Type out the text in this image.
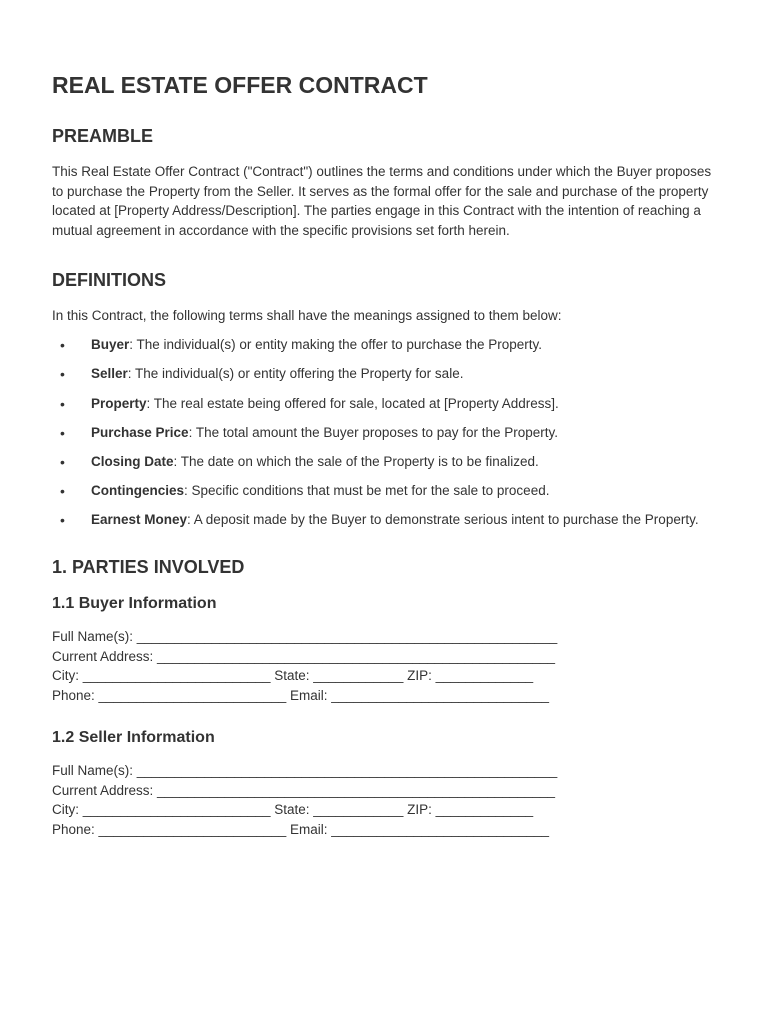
REAL ESTATE OFFER CONTRACT
PREAMBLE

This Real Estate Offer Contract ("Contract") outlines the terms and conditions under which the Buyer proposes to purchase the Property from the Seller. It serves as the formal offer for the sale and purchase of the property located at [Property Address/Description]. The parties engage in this Contract with the intention of reaching a mutual agreement in accordance with the specific provisions set forth herein.

DEFINITIONS

In this Contract, the following terms shall have the meanings assigned to them below:

• Buyer: The individual(s) or entity making the offer to purchase the Property.
• Seller: The individual(s) or entity offering the Property for sale.
• Property: The real estate being offered for sale, located at [Property Address].
• Purchase Price: The total amount the Buyer proposes to pay for the Property.
• Closing Date: The date on which the sale of the Property is to be finalized.
• Contingencies: Specific conditions that must be met for the sale to proceed.
• Earnest Money: A deposit made by the Buyer to demonstrate serious intent to purchase the Property.
1. PARTIES INVOLVED
1.1 Buyer Information
Full Name(s): ________________________________________________________
Current Address: _____________________________________________________
City: _________________________ State: ____________ ZIP: _____________
Phone: _________________________ Email: _____________________________
1.2 Seller Information
Full Name(s): ________________________________________________________
Current Address: _____________________________________________________
City: _________________________ State: ____________ ZIP: _____________
Phone: _________________________ Email: _____________________________
